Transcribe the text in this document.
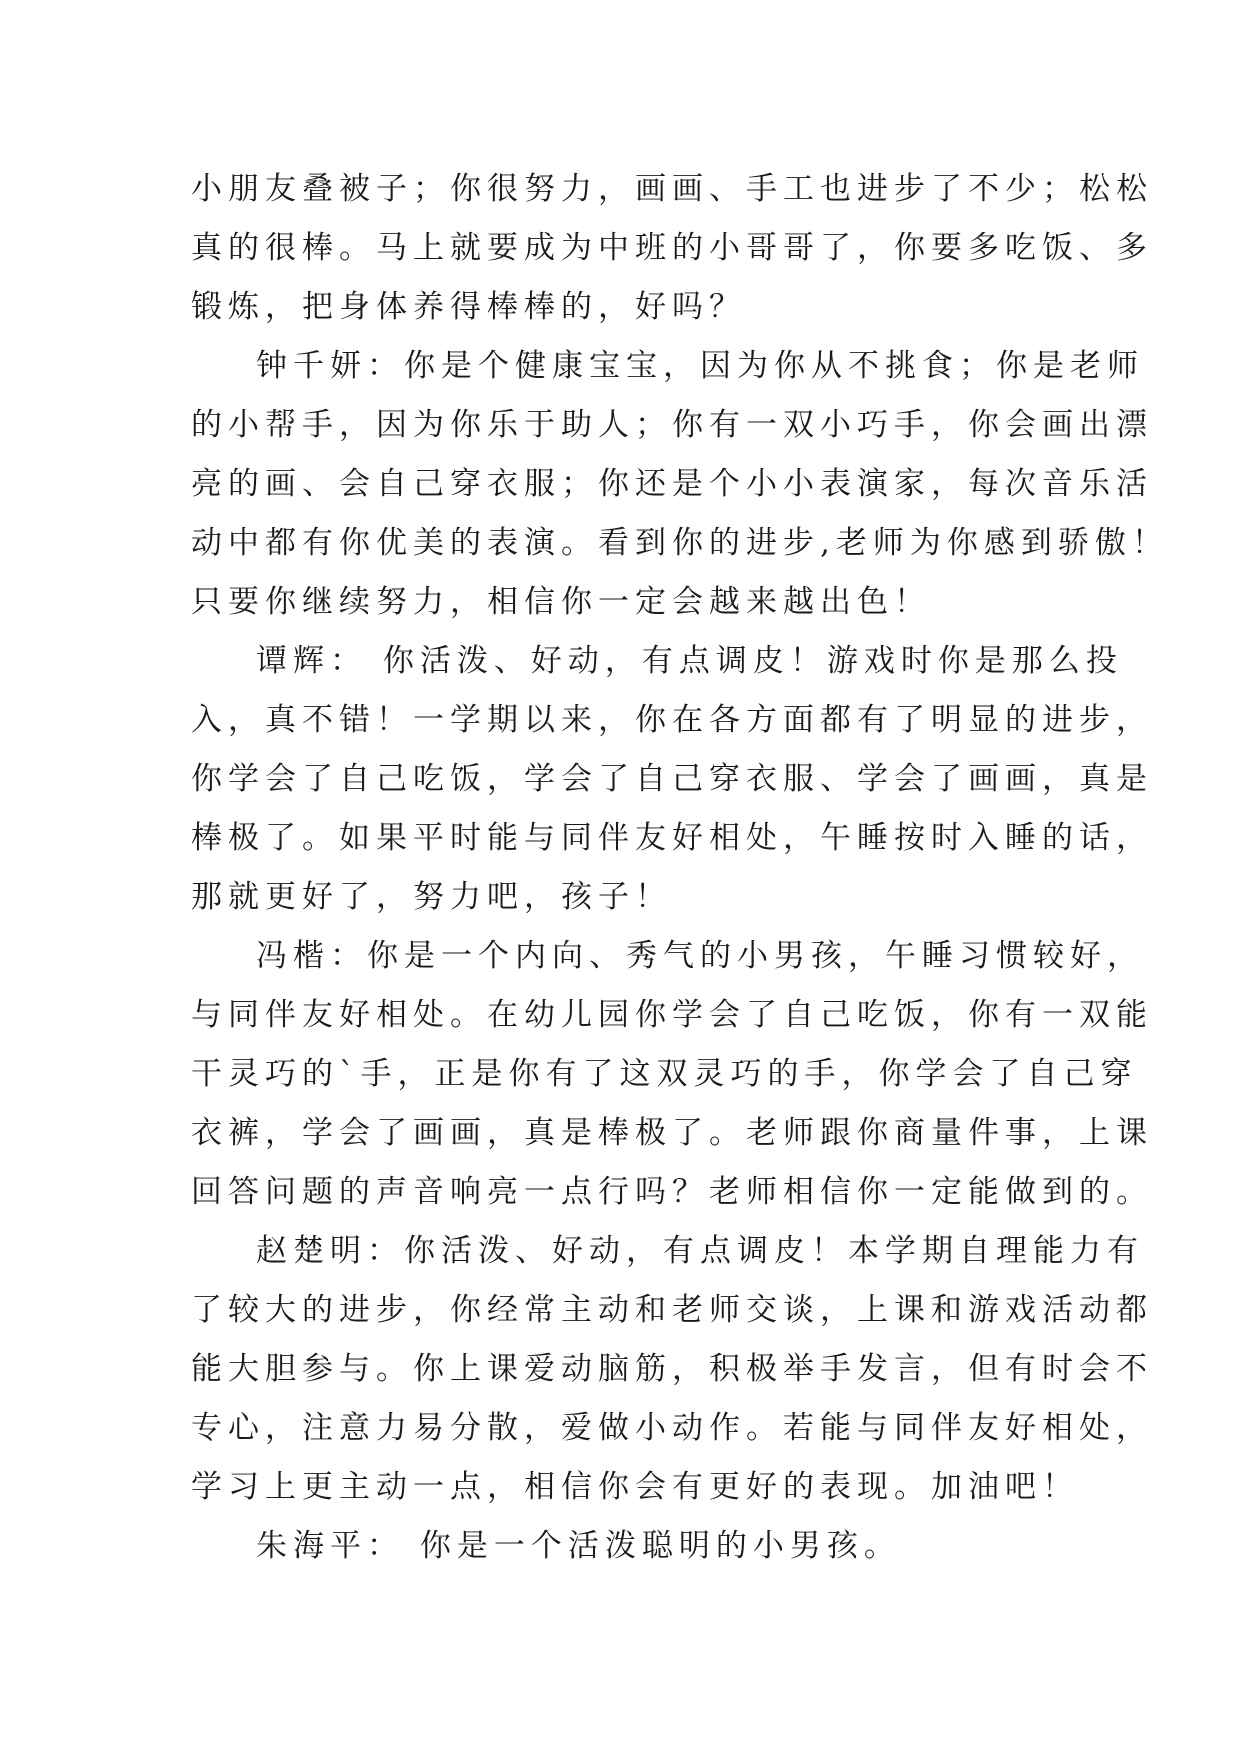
小朋友叠被子；你很努力，画画、手工也进步了不少；松松
真的很棒。马上就要成为中班的小哥哥了，你要多吃饭、多
锻炼，把身体养得棒棒的，好吗？
钟千妍：你是个健康宝宝，因为你从不挑食；你是老师
的小帮手，因为你乐于助人；你有一双小巧手，你会画出漂
亮的画、会自己穿衣服；你还是个小小表演家，每次音乐活
动中都有你优美的表演。看到你的进步,老师为你感到骄傲！
只要你继续努力，相信你一定会越来越出色！
谭辉： 你活泼、好动，有点调皮！游戏时你是那么投
入，真不错！一学期以来，你在各方面都有了明显的进步，
你学会了自己吃饭，学会了自己穿衣服、学会了画画，真是
棒极了。如果平时能与同伴友好相处，午睡按时入睡的话，
那就更好了，努力吧，孩子！
冯楷：你是一个内向、秀气的小男孩，午睡习惯较好，
与同伴友好相处。在幼儿园你学会了自己吃饭，你有一双能
干灵巧的`手，正是你有了这双灵巧的手，你学会了自己穿
衣裤，学会了画画，真是棒极了。老师跟你商量件事，上课
回答问题的声音响亮一点行吗？老师相信你一定能做到的。
赵楚明：你活泼、好动，有点调皮！本学期自理能力有
了较大的进步，你经常主动和老师交谈，上课和游戏活动都
能大胆参与。你上课爱动脑筋，积极举手发言，但有时会不
专心，注意力易分散，爱做小动作。若能与同伴友好相处，
学习上更主动一点，相信你会有更好的表现。加油吧！
朱海平： 你是一个活泼聪明的小男孩。
